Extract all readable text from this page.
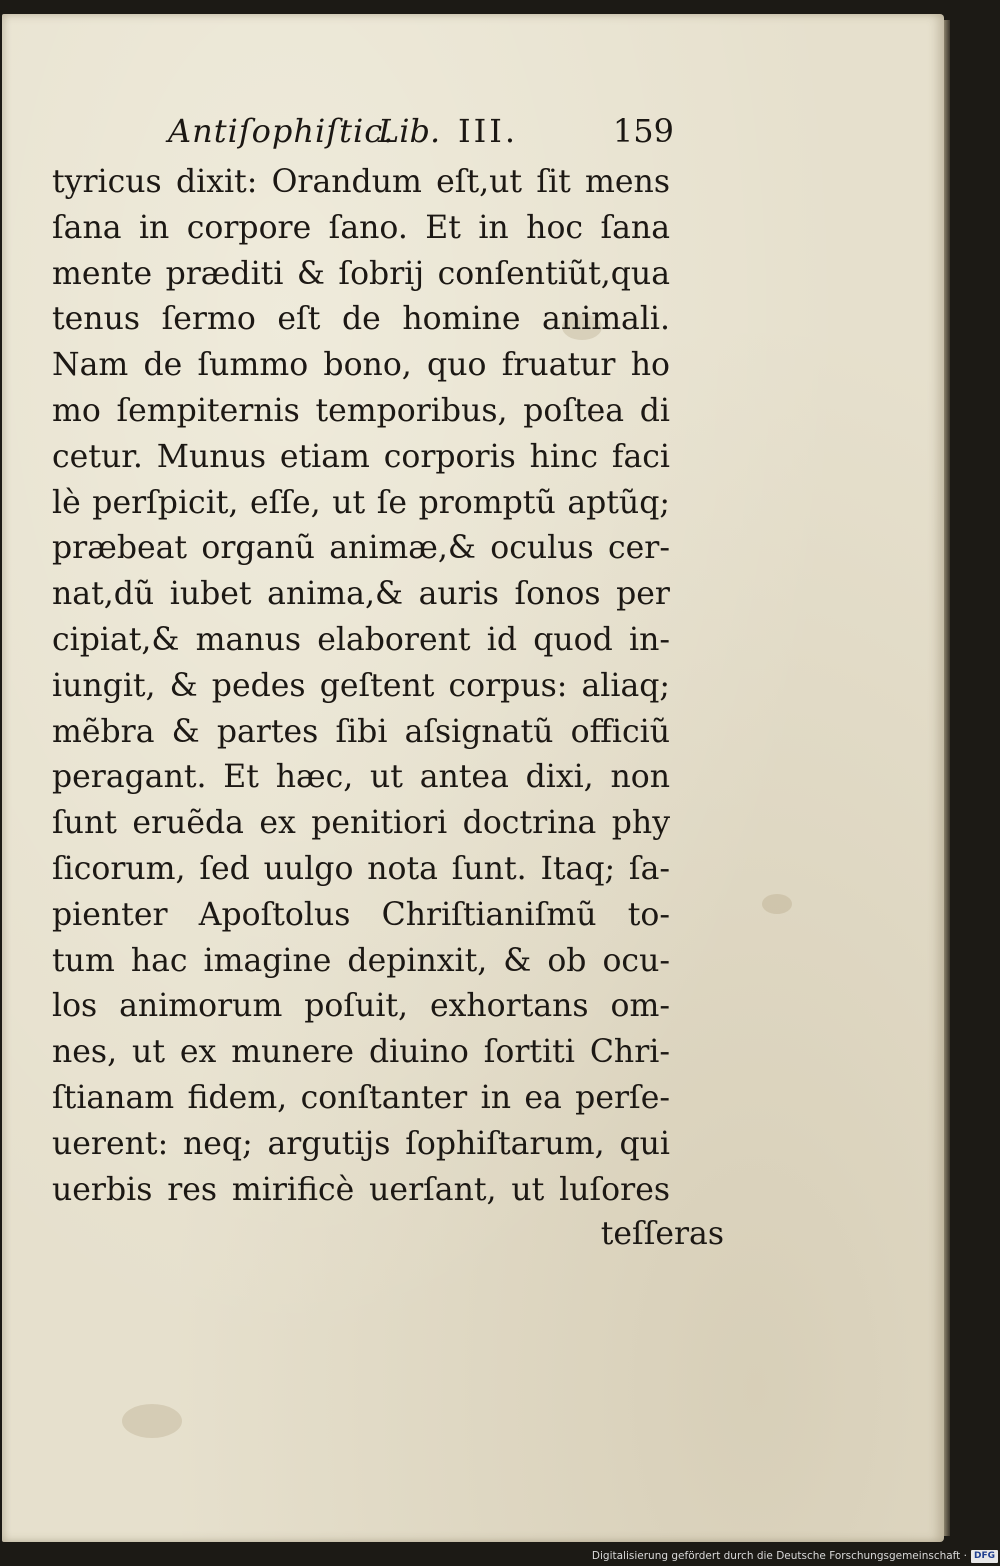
Antiſophiſtic.
Lib. III.	159
tyricus dixit: Orandum eſt,ut ſit mens
ſana in corpore ſano. Et in hoc ſana
mente præditi & ſobrij conſentiũt,qua
tenus ſermo eſt de homine animali.
Nam de ſummo bono, quo fruatur ho
mo ſempiternis temporibus, poſtea di
cetur. Munus etiam corporis hinc faci
lè perſpicit, eſſe, ut ſe promptũ aptũq;
præbeat organũ animæ,& oculus cer-
nat,dũ iubet anima,& auris ſonos per
cipiat,& manus elaborent id quod in-
iungit, & pedes geſtent corpus: aliaq;
mẽbra & partes ſibi aſsignatũ officiũ
peragant. Et hæc, ut antea dixi, non
ſunt eruẽda ex penitiori doctrina phy
ſicorum, ſed uulgo nota ſunt. Itaq; ſa-
pienter Apoſtolus Chriſtianiſmũ to-
tum hac imagine depinxit, & ob ocu-
los animorum poſuit, exhortans om-
nes, ut ex munere diuino ſortiti Chri-
ſtianam fidem, conſtanter in ea perſe-
uerent: neq; argutijs ſophiſtarum, qui
uerbis res mirificè uerſant, ut luſores
teſſeras
Digitalisierung gefördert durch die Deutsche Forschungsgemeinschaft · DFG
